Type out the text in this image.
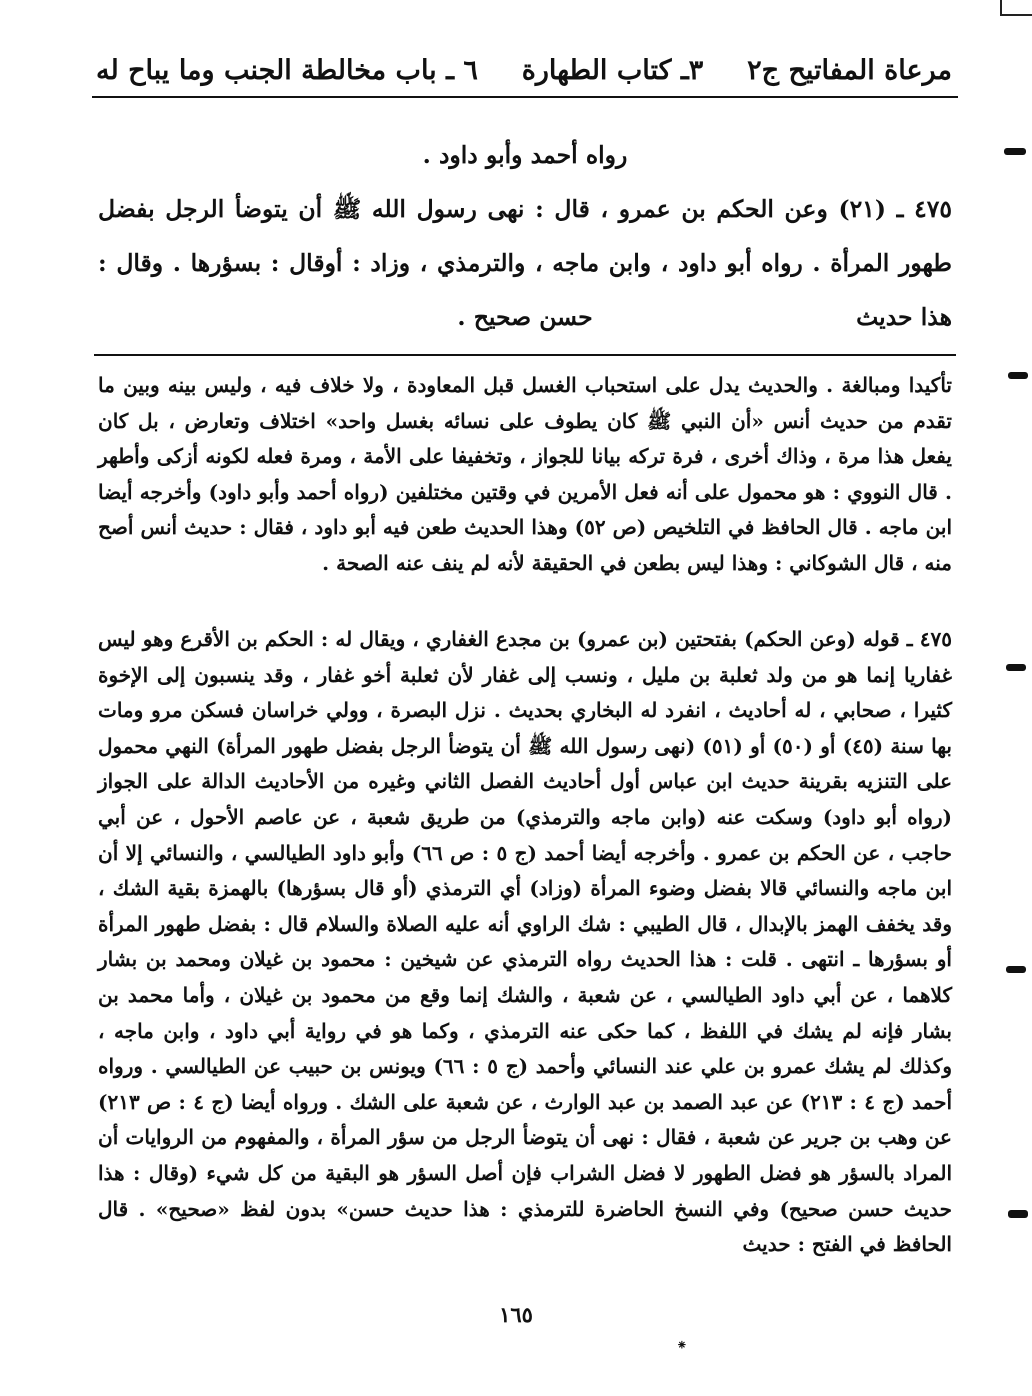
مرعاة المفاتيح ج٢
٣ـ كتاب الطهارة
٦ ـ باب مخالطة الجنب وما يباح له
رواه أحمد وأبو داود .

٤٧٥ ـ (٢١) وعن الحكم بن عمرو ، قال : نهى رسول الله ﷺ أن يتوضأ الرجل بفضل طهور المرأة . رواه أبو داود ، وابن ماجه ، والترمذي ، وزاد : أوقال : بسؤرها . وقال : هذا حديث

حسن صحيح .

تأكيدا ومبالغة . والحديث يدل على استحباب الغسل قبل المعاودة ، ولا خلاف فيه ، وليس بينه وبين ما تقدم من حديث أنس «أن النبي ﷺ كان يطوف على نسائه بغسل واحد» اختلاف وتعارض ، بل كان يفعل هذا مرة ، وذاك أخرى ، فرة تركه بيانا للجواز ، وتخفيفا على الأمة ، ومرة فعله لكونه أزكى وأطهر . قال النووي : هو محمول على أنه فعل الأمرين في وقتين مختلفين (رواه أحمد وأبو داود) وأخرجه أيضا ابن ماجه . قال الحافظ في التلخيص (ص ٥٢) وهذا الحديث طعن فيه أبو داود ، فقال : حديث أنس أصح منه ، قال الشوكاني : وهذا ليس بطعن في الحقيقة لأنه لم ينف عنه الصحة .

٤٧٥ ـ قوله (وعن الحكم) بفتحتين (بن عمرو) بن مجدع الغفاري ، ويقال له : الحكم بن الأقرع وهو ليس غفاريا إنما هو من ولد ثعلبة بن مليل ، ونسب إلى غفار لأن ثعلبة أخو غفار ، وقد ينسبون إلى الإخوة كثيرا ، صحابي ، له أحاديث ، انفرد له البخاري بحديث . نزل البصرة ، وولي خراسان فسكن مرو ومات بها سنة (٤٥) أو (٥٠) أو (٥١) (نهى رسول الله ﷺ أن يتوضأ الرجل بفضل طهور المرأة) النهي محمول على التنزيه بقرينة حديث ابن عباس أول أحاديث الفصل الثاني وغيره من الأحاديث الدالة على الجواز (رواه أبو داود) وسكت عنه (وابن ماجه والترمذي) من طريق شعبة ، عن عاصم الأحول ، عن أبي حاجب ، عن الحكم بن عمرو . وأخرجه أيضا أحمد (ج ٥ : ص ٦٦) وأبو داود الطيالسي ، والنسائي إلا أن ابن ماجه والنسائي قالا بفضل وضوء المرأة (وزاد) أي الترمذي (أو قال بسؤرها) بالهمزة بقية الشك ، وقد يخفف الهمز بالإبدال ، قال الطيبي : شك الراوي أنه عليه الصلاة والسلام قال : بفضل طهور المرأة أو بسؤرها ـ انتهى . قلت : هذا الحديث رواه الترمذي عن شيخين : محمود بن غيلان ومحمد بن بشار كلاهما ، عن أبي داود الطيالسي ، عن شعبة ، والشك إنما وقع من محمود بن غيلان ، وأما محمد بن بشار فإنه لم يشك في اللفظ ، كما حكى عنه الترمذي ، وكما هو في رواية أبي داود ، وابن ماجه ، وكذلك لم يشك عمرو بن علي عند النسائي وأحمد (ج ٥ : ٦٦) ويونس بن حبيب عن الطيالسي . ورواه أحمد (ج ٤ : ٢١٣) عن عبد الصمد بن عبد الوارث ، عن شعبة على الشك . ورواه أيضا (ج ٤ : ص ٢١٣) عن وهب بن جرير عن شعبة ، فقال : نهى أن يتوضأ الرجل من سؤر المرأة ، والمفهوم من الروايات أن المراد بالسؤر هو فضل الطهور لا فضل الشراب فإن أصل السؤر هو البقية من كل شيء (وقال : هذا حديث حسن صحيح) وفي النسخ الحاضرة للترمذي : هذا حديث حسن» بدون لفظ «صحيح» . قال الحافظ في الفتح : حديث

١٦٥
⁕
